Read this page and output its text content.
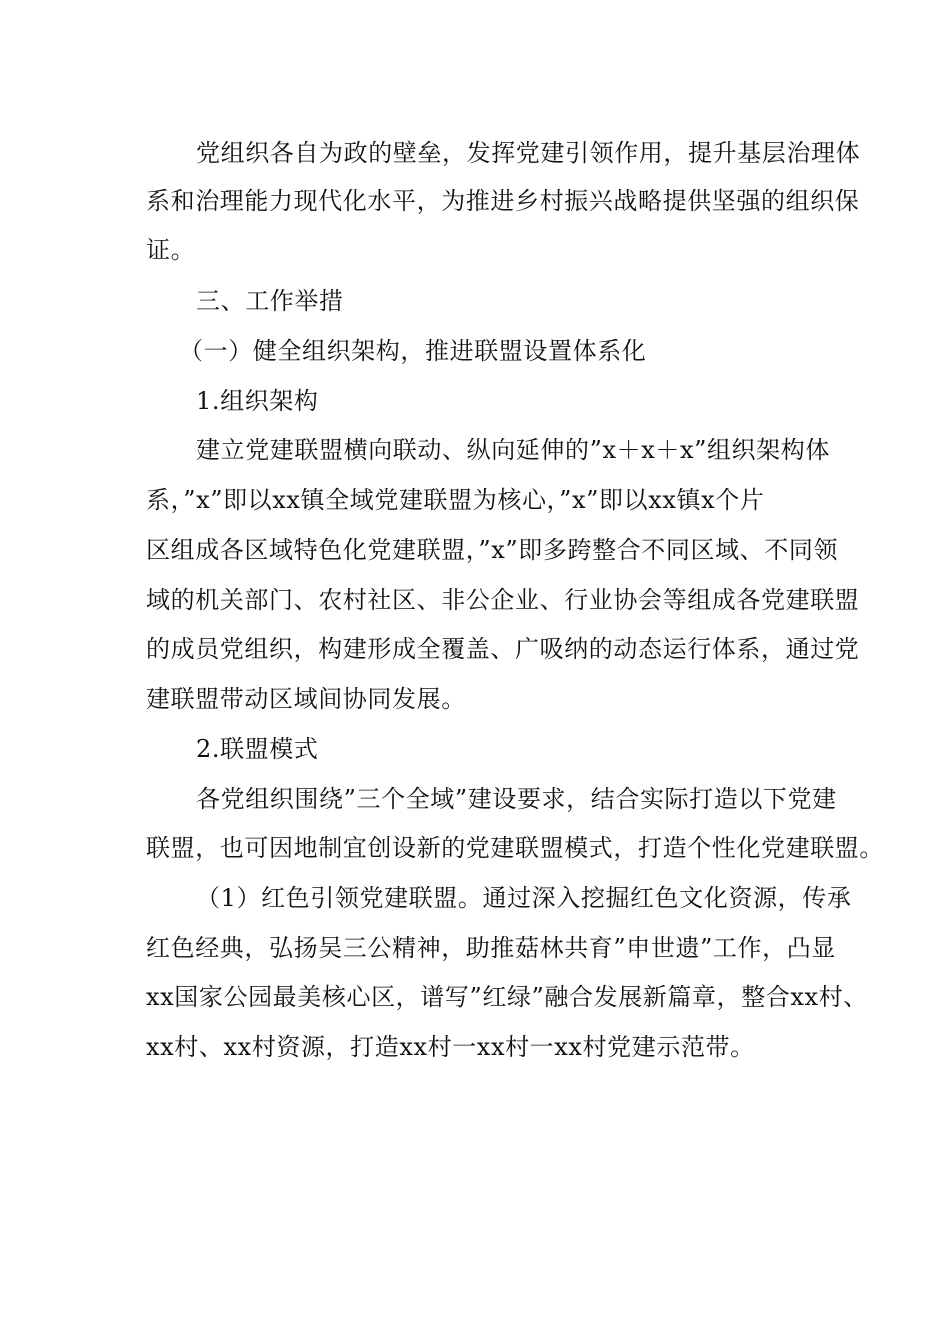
党组织各自为政的壁垒，发挥党建引领作用，提升基层治理体
系和治理能力现代化水平，为推进乡村振兴战略提供坚强的组织保
证。
三、工作举措
（一）健全组织架构，推进联盟设置体系化
1.组织架构
建立党建联盟横向联动、纵向延伸的”x＋x＋x”组织架构体
系，”x”即以xx镇全域党建联盟为核心，”x”即以xx镇x个片
区组成各区域特色化党建联盟，”x”即多跨整合不同区域、不同领
域的机关部门、农村社区、非公企业、行业协会等组成各党建联盟
的成员党组织，构建形成全覆盖、广吸纳的动态运行体系，通过党
建联盟带动区域间协同发展。
2.联盟模式
各党组织围绕”三个全域”建设要求，结合实际打造以下党建
联盟，也可因地制宜创设新的党建联盟模式，打造个性化党建联盟。
（1）红色引领党建联盟。通过深入挖掘红色文化资源，传承
红色经典，弘扬吴三公精神，助推菇林共育”申世遗”工作，凸显
xx国家公园最美核心区，谱写”红绿”融合发展新篇章，整合xx村、
xx村、xx村资源，打造xx村一xx村一xx村党建示范带。
